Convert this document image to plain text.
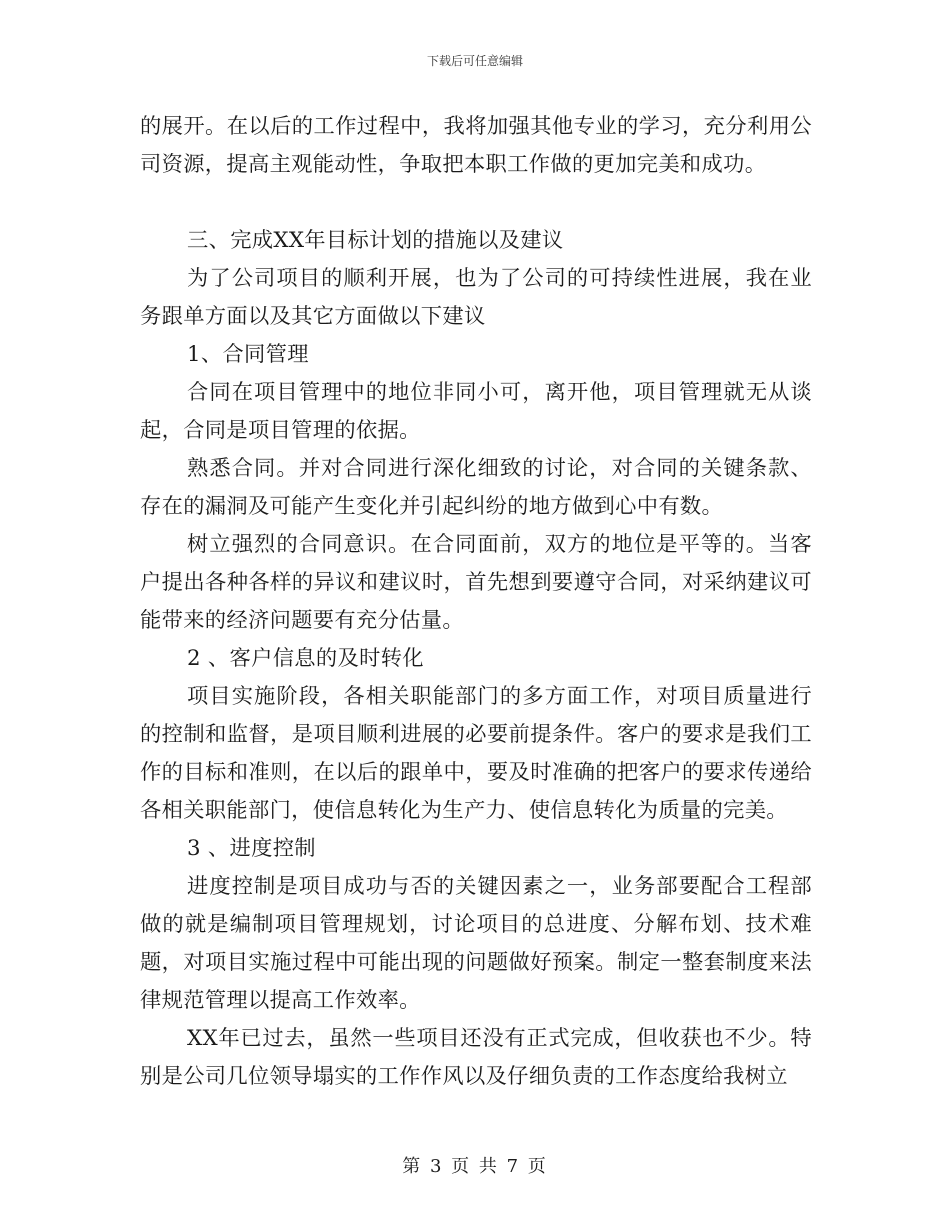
下载后可任意编辑

的展开。在以后的工作过程中，我将加强其他专业的学习，充分利用公司资源，提高主观能动性，争取把本职工作做的更加完美和成功。

三、完成XX年目标计划的措施以及建议

为了公司项目的顺利开展，也为了公司的可持续性进展，我在业务跟单方面以及其它方面做以下建议

1、合同管理

合同在项目管理中的地位非同小可，离开他，项目管理就无从谈起，合同是项目管理的依据。

熟悉合同。并对合同进行深化细致的讨论，对合同的关键条款、存在的漏洞及可能产生变化并引起纠纷的地方做到心中有数。

树立强烈的合同意识。在合同面前，双方的地位是平等的。当客户提出各种各样的异议和建议时，首先想到要遵守合同，对采纳建议可能带来的经济问题要有充分估量。

2 、客户信息的及时转化

项目实施阶段，各相关职能部门的多方面工作，对项目质量进行的控制和监督，是项目顺利进展的必要前提条件。客户的要求是我们工作的目标和准则，在以后的跟单中，要及时准确的把客户的要求传递给各相关职能部门，使信息转化为生产力、使信息转化为质量的完美。

3 、进度控制

进度控制是项目成功与否的关键因素之一，业务部要配合工程部做的就是编制项目管理规划，讨论项目的总进度、分解布划、技术难题，对项目实施过程中可能出现的问题做好预案。制定一整套制度来法律规范管理以提高工作效率。

XX年已过去，虽然一些项目还没有正式完成，但收获也不少。特别是公司几位领导塌实的工作作风以及仔细负责的工作态度给我树立

第 3 页 共 7 页
